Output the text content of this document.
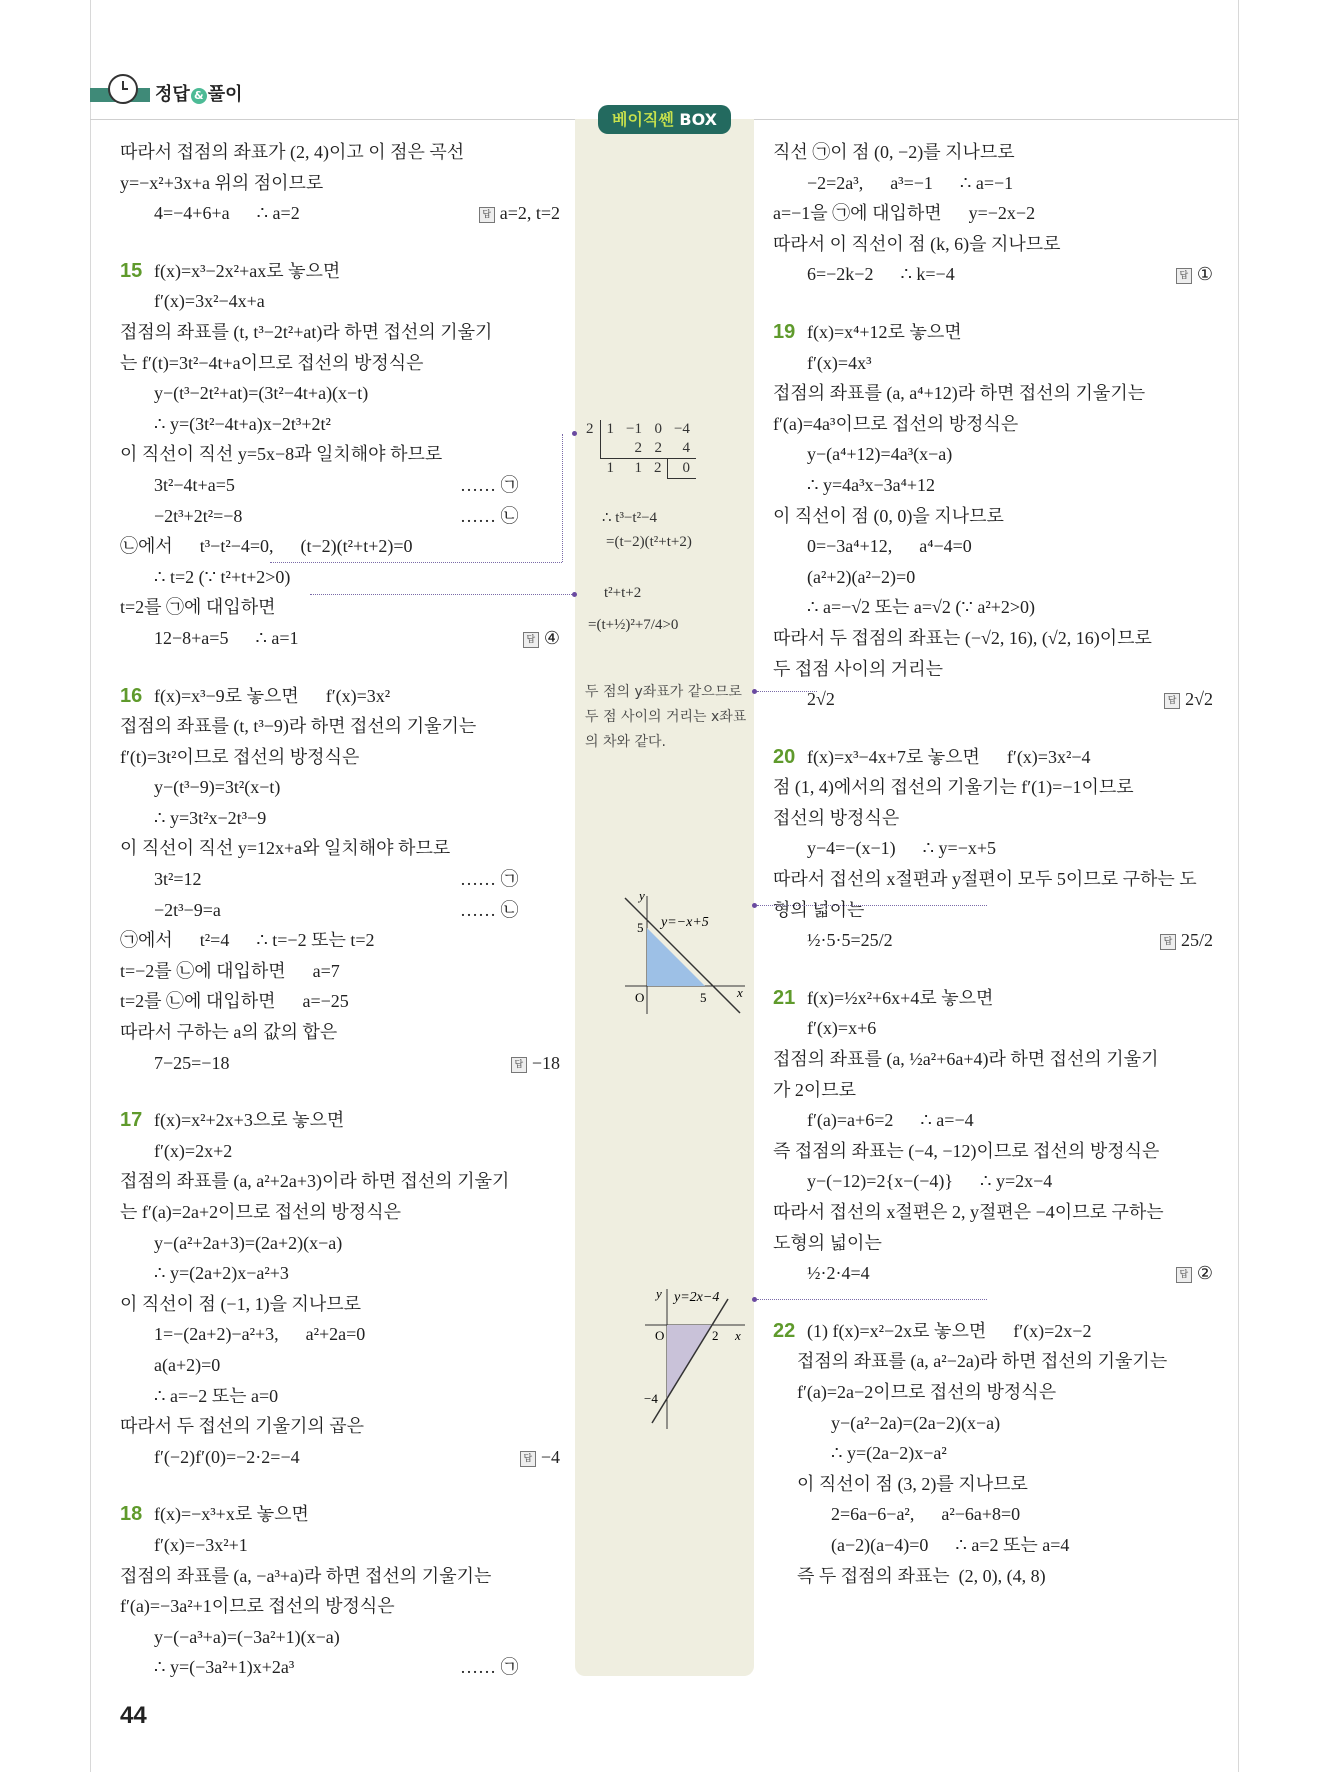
정답 & 풀이
베이직쎈 BOX
따라서 접점의 좌표가 (2, 4)이고 이 점은 곡선
y=−x²+3x+a 위의 점이므로
4=−4+6+a      ∴ a=2	답 a=2, t=2
15 f(x)=x³−2x²+ax로 놓으면
f′(x)=3x²−4x+a
접점의 좌표를 (t, t³−2t²+at)라 하면 접선의 기울기
는 f′(t)=3t²−4t+a이므로 접선의 방정식은
y−(t³−2t²+at)=(3t²−4t+a)(x−t)
∴ y=(3t²−4t+a)x−2t³+2t²
이 직선이 직선 y=5x−8과 일치해야 하므로
3t²−4t+a=5	…… ㉠
−2t³+2t²=−8	…… ㉡
㉡에서      t³−t²−4=0,      (t−2)(t²+t+2)=0
∴ t=2 (∵ t²+t+2>0)
t=2를 ㉠에 대입하면
12−8+a=5      ∴ a=1	답 ④
16 f(x)=x³−9로 놓으면      f′(x)=3x²
접점의 좌표를 (t, t³−9)라 하면 접선의 기울기는
f′(t)=3t²이므로 접선의 방정식은
y−(t³−9)=3t²(x−t)
∴ y=3t²x−2t³−9
이 직선이 직선 y=12x+a와 일치해야 하므로
3t²=12	…… ㉠
−2t³−9=a	…… ㉡
㉠에서      t²=4      ∴ t=−2 또는 t=2
t=−2를 ㉡에 대입하면      a=7
t=2를 ㉡에 대입하면      a=−25
따라서 구하는 a의 값의 합은
7−25=−18	답 −18
17 f(x)=x²+2x+3으로 놓으면
f′(x)=2x+2
접점의 좌표를 (a, a²+2a+3)이라 하면 접선의 기울기
는 f′(a)=2a+2이므로 접선의 방정식은
y−(a²+2a+3)=(2a+2)(x−a)
∴ y=(2a+2)x−a²+3
이 직선이 점 (−1, 1)을 지나므로
1=−(2a+2)−a²+3,      a²+2a=0
a(a+2)=0
∴ a=−2 또는 a=0
따라서 두 접선의 기울기의 곱은
f′(−2)f′(0)=−2·2=−4	답 −4
18 f(x)=−x³+x로 놓으면
f′(x)=−3x²+1
접점의 좌표를 (a, −a³+a)라 하면 접선의 기울기는
f′(a)=−3a²+1이므로 접선의 방정식은
y−(−a³+a)=(−3a²+1)(x−a)
∴ y=(−3a²+1)x+2a³	…… ㉠
직선 ㉠이 점 (0, −2)를 지나므로
−2=2a³,      a³=−1      ∴ a=−1
a=−1을 ㉠에 대입하면      y=−2x−2
따라서 이 직선이 점 (k, 6)을 지나므로
6=−2k−2      ∴ k=−4	답 ①
19 f(x)=x⁴+12로 놓으면
f′(x)=4x³
접점의 좌표를 (a, a⁴+12)라 하면 접선의 기울기는
f′(a)=4a³이므로 접선의 방정식은
y−(a⁴+12)=4a³(x−a)
∴ y=4a³x−3a⁴+12
이 직선이 점 (0, 0)을 지나므로
0=−3a⁴+12,      a⁴−4=0
(a²+2)(a²−2)=0
∴ a=−√2 또는 a=√2 (∵ a²+2>0)
따라서 두 접점의 좌표는 (−√2, 16), (√2, 16)이므로
두 접점 사이의 거리는
2√2	답 2√2
20 f(x)=x³−4x+7로 놓으면      f′(x)=3x²−4
점 (1, 4)에서의 접선의 기울기는 f′(1)=−1이므로
접선의 방정식은
y−4=−(x−1)      ∴ y=−x+5
따라서 접선의 x절편과 y절편이 모두 5이므로 구하는 도
형의 넓이는
½·5·5=25/2	답 25/2
21 f(x)=½x²+6x+4로 놓으면
f′(x)=x+6
접점의 좌표를 (a, ½a²+6a+4)라 하면 접선의 기울기
가 2이므로
f′(a)=a+6=2      ∴ a=−4
즉 접점의 좌표는 (−4, −12)이므로 접선의 방정식은
y−(−12)=2{x−(−4)}      ∴ y=2x−4
따라서 접선의 x절편은 2, y절편은 −4이므로 구하는
도형의 넓이는
½·2·4=4	답 ②
22 (1) f(x)=x²−2x로 놓으면      f′(x)=2x−2
접점의 좌표를 (a, a²−2a)라 하면 접선의 기울기는
f′(a)=2a−2이므로 접선의 방정식은
y−(a²−2a)=(2a−2)(x−a)
∴ y=(2a−2)x−a²
이 직선이 점 (3, 2)를 지나므로
2=6a−6−a²,      a²−6a+8=0
(a−2)(a−4)=0      ∴ a=2 또는 a=4
즉 두 접점의 좌표는  (2, 0), (4, 8)
2	1	−1	0	−4
		2	2	4
	1	1	2	0
∴ t³−t²−4
=(t−2)(t²+t+2)
t²+t+2
=(t+½)²+7/4>0
두 점의 y좌표가 같으므로 두 점 사이의 거리는 x좌표의 차와 같다.
y
x
5
5
O
y=−x+5
y
x
O	2
−4
y=2x−4
44
